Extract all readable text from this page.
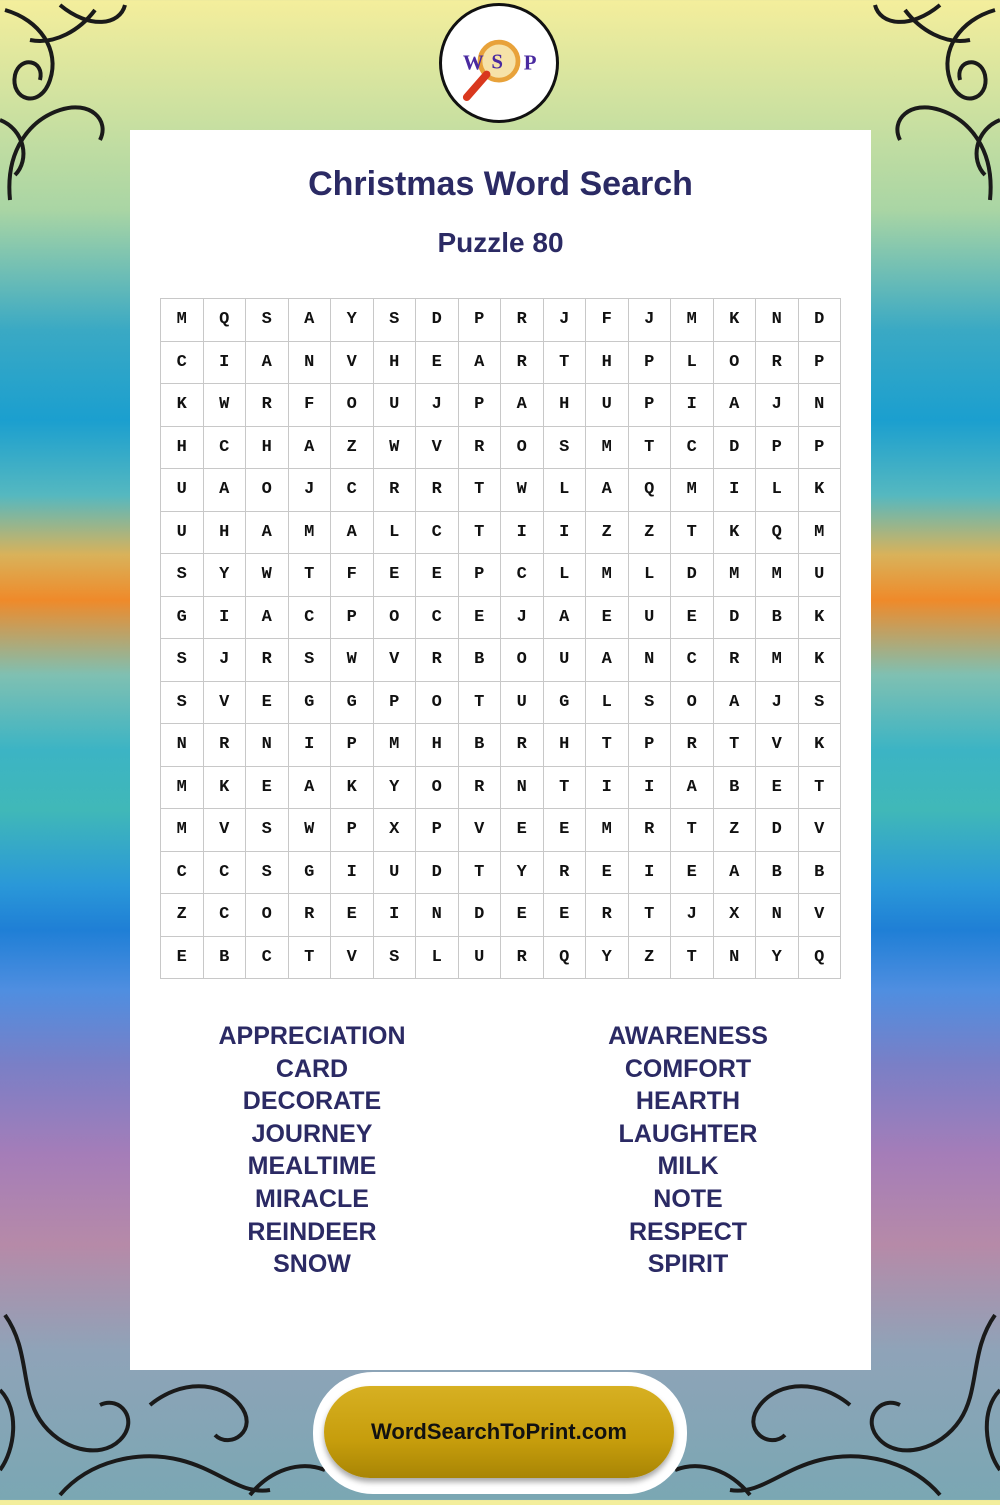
W S P
Christmas Word Search
Puzzle 80
M	Q	S	A	Y	S	D	P	R	J	F	J	M	K	N	D
C	I	A	N	V	H	E	A	R	T	H	P	L	O	R	P
K	W	R	F	O	U	J	P	A	H	U	P	I	A	J	N
H	C	H	A	Z	W	V	R	O	S	M	T	C	D	P	P
U	A	O	J	C	R	R	T	W	L	A	Q	M	I	L	K
U	H	A	M	A	L	C	T	I	I	Z	Z	T	K	Q	M
S	Y	W	T	F	E	E	P	C	L	M	L	D	M	M	U
G	I	A	C	P	O	C	E	J	A	E	U	E	D	B	K
S	J	R	S	W	V	R	B	O	U	A	N	C	R	M	K
S	V	E	G	G	P	O	T	U	G	L	S	O	A	J	S
N	R	N	I	P	M	H	B	R	H	T	P	R	T	V	K
M	K	E	A	K	Y	O	R	N	T	I	I	A	B	E	T
M	V	S	W	P	X	P	V	E	E	M	R	T	Z	D	V
C	C	S	G	I	U	D	T	Y	R	E	I	E	A	B	B
Z	C	O	R	E	I	N	D	E	E	R	T	J	X	N	V
E	B	C	T	V	S	L	U	R	Q	Y	Z	T	N	Y	Q
APPRECIATION
CARD
DECORATE
JOURNEY
MEALTIME
MIRACLE
REINDEER
SNOW
AWARENESS
COMFORT
HEARTH
LAUGHTER
MILK
NOTE
RESPECT
SPIRIT
WordSearchToPrint.com
